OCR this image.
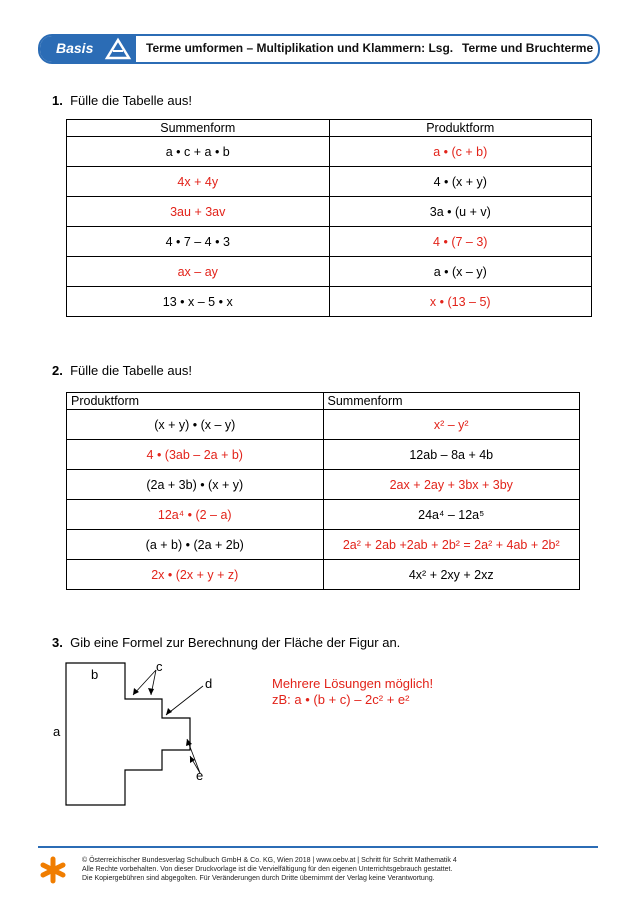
Basis	Terme umformen – Multiplikation und Klammern: Lsg. Terme und Bruchterme
1. Fülle die Tabelle aus!
Summenform	Produktform
a • c + a • b	a • (c + b)
4x + 4y	4 • (x + y)
3au + 3av	3a • (u + v)
4 • 7 – 4 • 3	4 • (7 – 3)
ax – ay	a • (x – y)
13 • x – 5 • x	x • (13 – 5)
2. Fülle die Tabelle aus!
Produktform	Summenform
(x + y) • (x – y)	x² – y²
4 • (3ab – 2a + b)	12ab – 8a + 4b
(2a + 3b) • (x + y)	2ax + 2ay + 3bx + 3by
12a⁴ • (2 – a)	24a⁴ – 12a⁵
(a + b) • (2a + 2b)	2a² + 2ab +2ab + 2b² = 2a² + 4ab + 2b²
2x • (2x + y + z)	4x² + 2xy + 2xz
3. Gib eine Formel zur Berechnung der Fläche der Figur an.
b
c
d
a
e
Mehrere Lösungen möglich!
zB: a • (b + c) – 2c² + e²
© Österreichischer Bundesverlag Schulbuch GmbH & Co. KG, Wien 2018 | www.oebv.at | Schritt für Schritt Mathematik 4
Alle Rechte vorbehalten. Von dieser Druckvorlage ist die Vervielfältigung für den eigenen Unterrichtsgebrauch gestattet.
Die Kopiergebühren sind abgegolten. Für Veränderungen durch Dritte übernimmt der Verlag keine Verantwortung.
